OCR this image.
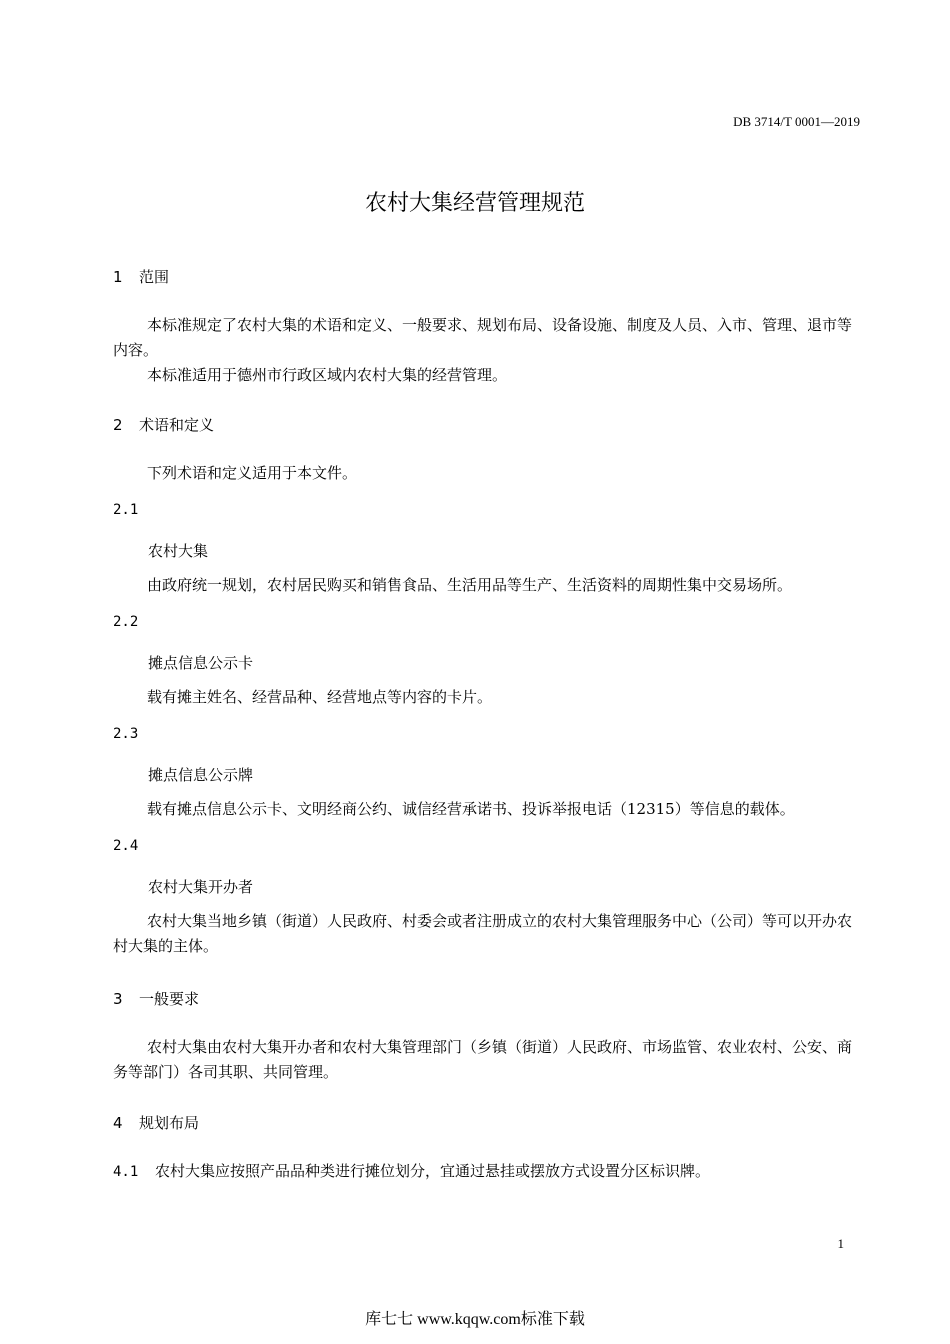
DB 3714/T 0001—2019
农村大集经营管理规范
1 范围
本标准规定了农村大集的术语和定义、一般要求、规划布局、设备设施、制度及人员、入市、管理、退市等内容。
本标准适用于德州市行政区域内农村大集的经营管理。
2 术语和定义
下列术语和定义适用于本文件。
2.1
农村大集
由政府统一规划，农村居民购买和销售食品、生活用品等生产、生活资料的周期性集中交易场所。
2.2
摊点信息公示卡
载有摊主姓名、经营品种、经营地点等内容的卡片。
2.3
摊点信息公示牌
载有摊点信息公示卡、文明经商公约、诚信经营承诺书、投诉举报电话（12315）等信息的载体。
2.4
农村大集开办者
农村大集当地乡镇（街道）人民政府、村委会或者注册成立的农村大集管理服务中心（公司）等可以开办农村大集的主体。
3 一般要求
农村大集由农村大集开办者和农村大集管理部门（乡镇（街道）人民政府、市场监管、农业农村、公安、商务等部门）各司其职、共同管理。
4 规划布局
4.1 农村大集应按照产品品种类进行摊位划分，宜通过悬挂或摆放方式设置分区标识牌。
1
库七七 www.kqqw.com标准下载
